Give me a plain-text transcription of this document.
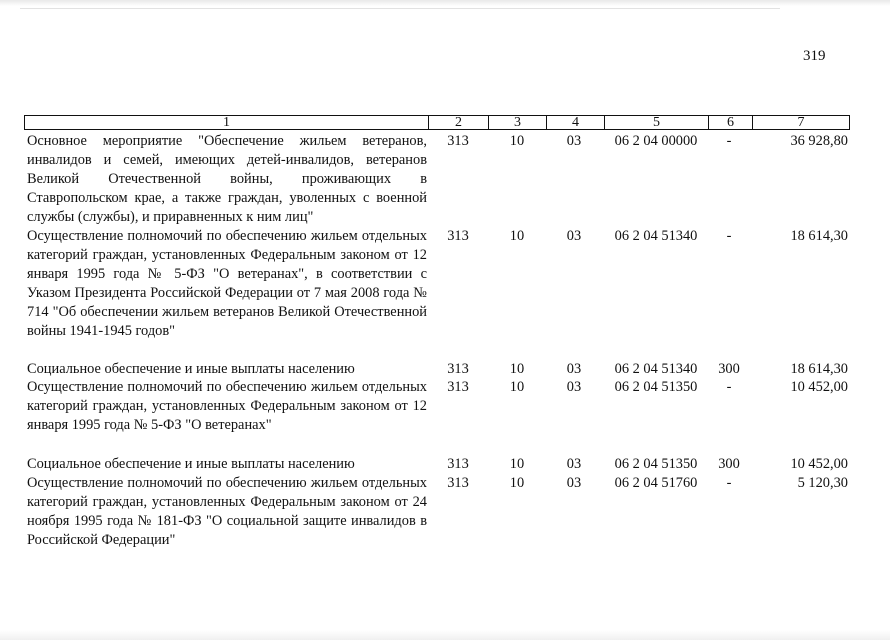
319
1	2	3	4	5	6	7
Основное мероприятие "Обеспечение жильем ветеранов, инвалидов и семей, имеющих детей-инвалидов, ветеранов Великой Отечественной войны, проживающих в Ставропольском крае, а также граждан, уволенных с военной службы (службы), и приравненных к ним лиц"
313	10	03	06 2 04 00000	-	36 928,80
Осуществление полномочий по обеспечению жильем отдельных категорий граждан, установленных Федеральным законом от 12 января 1995 года № 5-ФЗ "О ветеранах", в соответствии с Указом Президента Российской Федерации от 7 мая 2008 года № 714 "Об обеспечении жильем ветеранов Великой Отечественной войны 1941-1945 годов"
313	10	03	06 2 04 51340	-	18 614,30
Социальное обеспечение и иные выплаты населению	313	10	03	06 2 04 51340	300	18 614,30
Осуществление полномочий по обеспечению жильем отдельных категорий граждан, установленных Федеральным законом от 12 января 1995 года № 5-ФЗ "О ветеранах"
313	10	03	06 2 04 51350	-	10 452,00
Социальное обеспечение и иные выплаты населению	313	10	03	06 2 04 51350	300	10 452,00
Осуществление полномочий по обеспечению жильем отдельных категорий граждан, установленных Федеральным законом от 24 ноября 1995 года № 181-ФЗ "О социальной защите инвалидов в Российской Федерации"
313	10	03	06 2 04 51760	-	5 120,30
